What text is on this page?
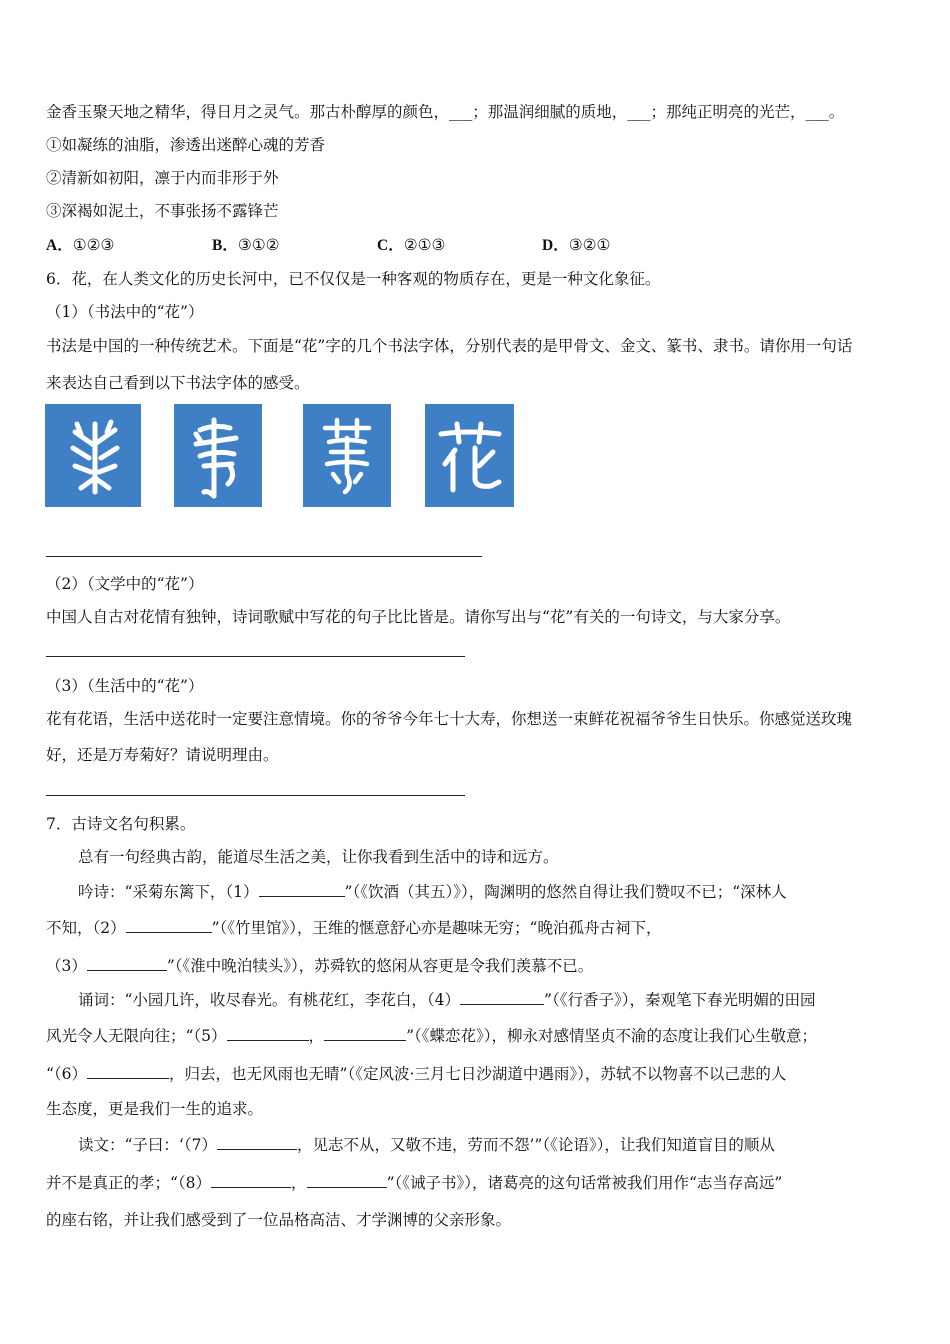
金香玉聚天地之精华，得日月之灵气。那古朴醇厚的颜色，___；那温润细腻的质地，___；那纯正明亮的光芒，___。
①如凝练的油脂，渗透出迷醉心魂的芳香
②清新如初阳，凛于内而非形于外
③深褐如泥土，不事张扬不露锋芒
A．①②③	B．③①②	C．②①③	D．③②①
6．花，在人类文化的历史长河中，已不仅仅是一种客观的物质存在，更是一种文化象征。
（1）（书法中的“花”）
书法是中国的一种传统艺术。下面是“花”字的几个书法字体，分别代表的是甲骨文、金文、篆书、隶书。请你用一句话
来表达自己看到以下书法字体的感受。
（2）（文学中的“花”）
中国人自古对花情有独钟，诗词歌赋中写花的句子比比皆是。请你写出与“花”有关的一句诗文，与大家分享。
（3）（生活中的“花”）
花有花语，生活中送花时一定要注意情境。你的爷爷今年七十大寿，你想送一束鲜花祝福爷爷生日快乐。你感觉送玫瑰
好，还是万寿菊好？请说明理由。
7．古诗文名句积累。
总有一句经典古韵，能道尽生活之美，让你我看到生活中的诗和远方。
吟诗：“采菊东篱下，（1）	”（《饮酒（其五）》），陶渊明的悠然自得让我们赞叹不已；“深林人
不知，（2）	”（《竹里馆》），王维的惬意舒心亦是趣味无穷；“晚泊孤舟古祠下，
（3）	”（《淮中晚泊犊头》），苏舜钦的悠闲从容更是令我们羡慕不已。
诵词：“小园几许，收尽春光。有桃花红，李花白，（4）	”（《行香子》），秦观笔下春光明媚的田园
风光令人无限向往；“（5）	，	”（《蝶恋花》），柳永对感情坚贞不渝的态度让我们心生敬意；
“（6）	，归去，也无风雨也无晴”（《定风波·三月七日沙湖道中遇雨》），苏轼不以物喜不以己悲的人
生态度，更是我们一生的追求。
读文：“子曰：‘（7）	，见志不从，又敬不违，劳而不怨’”（《论语》），让我们知道盲目的顺从
并不是真正的孝；“（8）	，	”（《诫子书》），诸葛亮的这句话常被我们用作“志当存高远”
的座右铭，并让我们感受到了一位品格高洁、才学渊博的父亲形象。
